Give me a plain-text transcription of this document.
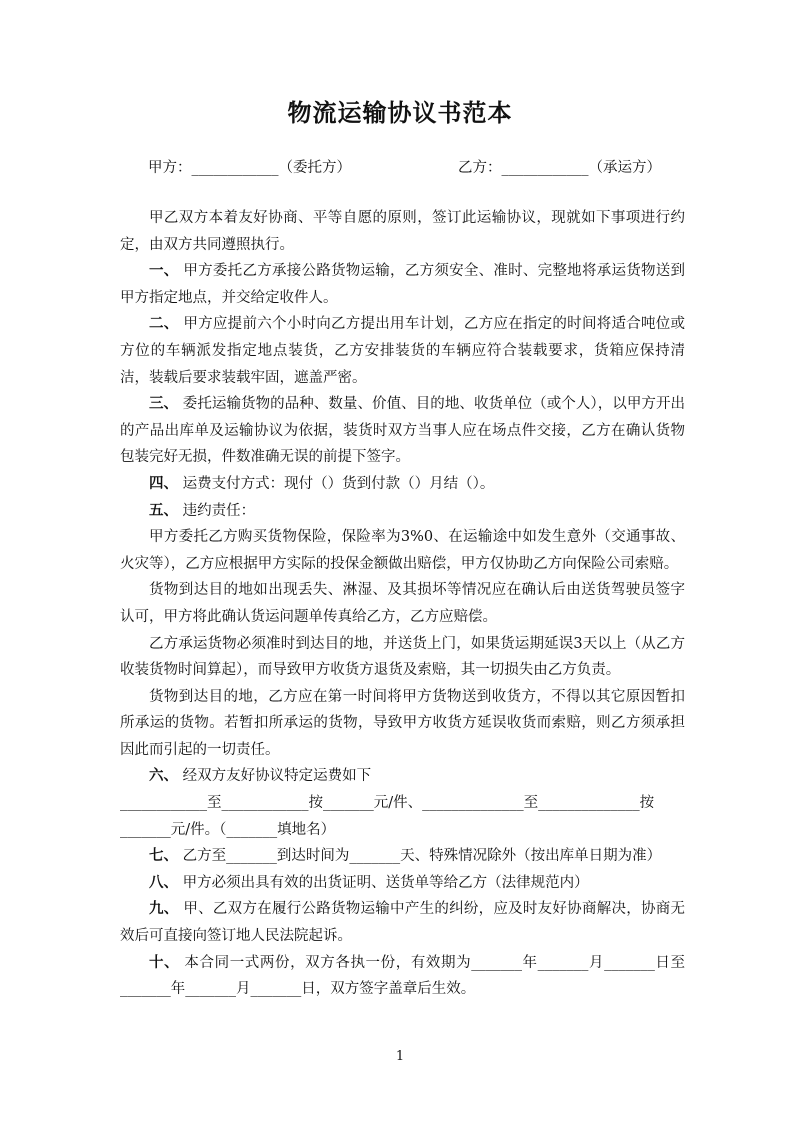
物流运输协议书范本
甲方：____________（委托方）	乙方：____________（承运方）

甲乙双方本着友好协商、平等自愿的原则，签订此运输协议，现就如下事项进行约定，由双方共同遵照执行。

一、 甲方委托乙方承接公路货物运输，乙方须安全、准时、完整地将承运货物送到甲方指定地点，并交给定收件人。

二、 甲方应提前六个小时向乙方提出用车计划，乙方应在指定的时间将适合吨位或方位的车辆派发指定地点装货，乙方安排装货的车辆应符合装载要求，货箱应保持清洁，装载后要求装载牢固，遮盖严密。

三、 委托运输货物的品种、数量、价值、目的地、收货单位（或个人），以甲方开出的产品出库单及运输协议为依据，装货时双方当事人应在场点件交接，乙方在确认货物包装完好无损，件数准确无误的前提下签字。

四、 运费支付方式：现付（）货到付款（）月结（）。

五、 违约责任：

甲方委托乙方购买货物保险，保险率为3%0、在运输途中如发生意外（交通事故、火灾等），乙方应根据甲方实际的投保金额做出赔偿，甲方仅协助乙方向保险公司索赔。

货物到达目的地如出现丢失、淋湿、及其损坏等情况应在确认后由送货驾驶员签字认可，甲方将此确认货运问题单传真给乙方，乙方应赔偿。

乙方承运货物必须准时到达目的地，并送货上门，如果货运期延误3天以上（从乙方收装货物时间算起），而导致甲方收货方退货及索赔，其一切损失由乙方负责。

货物到达目的地，乙方应在第一时间将甲方货物送到收货方，不得以其它原因暂扣所承运的货物。若暂扣所承运的货物，导致甲方收货方延误收货而索赔，则乙方须承担因此而引起的一切责任。

六、 经双方友好协议特定运费如下

____________至____________按_______元/件、______________至______________按

_______元/件。（_______填地名）

七、 乙方至_______到达时间为_______天、特殊情况除外（按出库单日期为准）

八、 甲方必须出具有效的出货证明、送货单等给乙方（法律规范内）

九、 甲、乙双方在履行公路货物运输中产生的纠纷，应及时友好协商解决，协商无效后可直接向签订地人民法院起诉。

十、 本合同一式两份，双方各执一份，有效期为_______年_______月_______日至_______年_______月_______日，双方签字盖章后生效。

1
